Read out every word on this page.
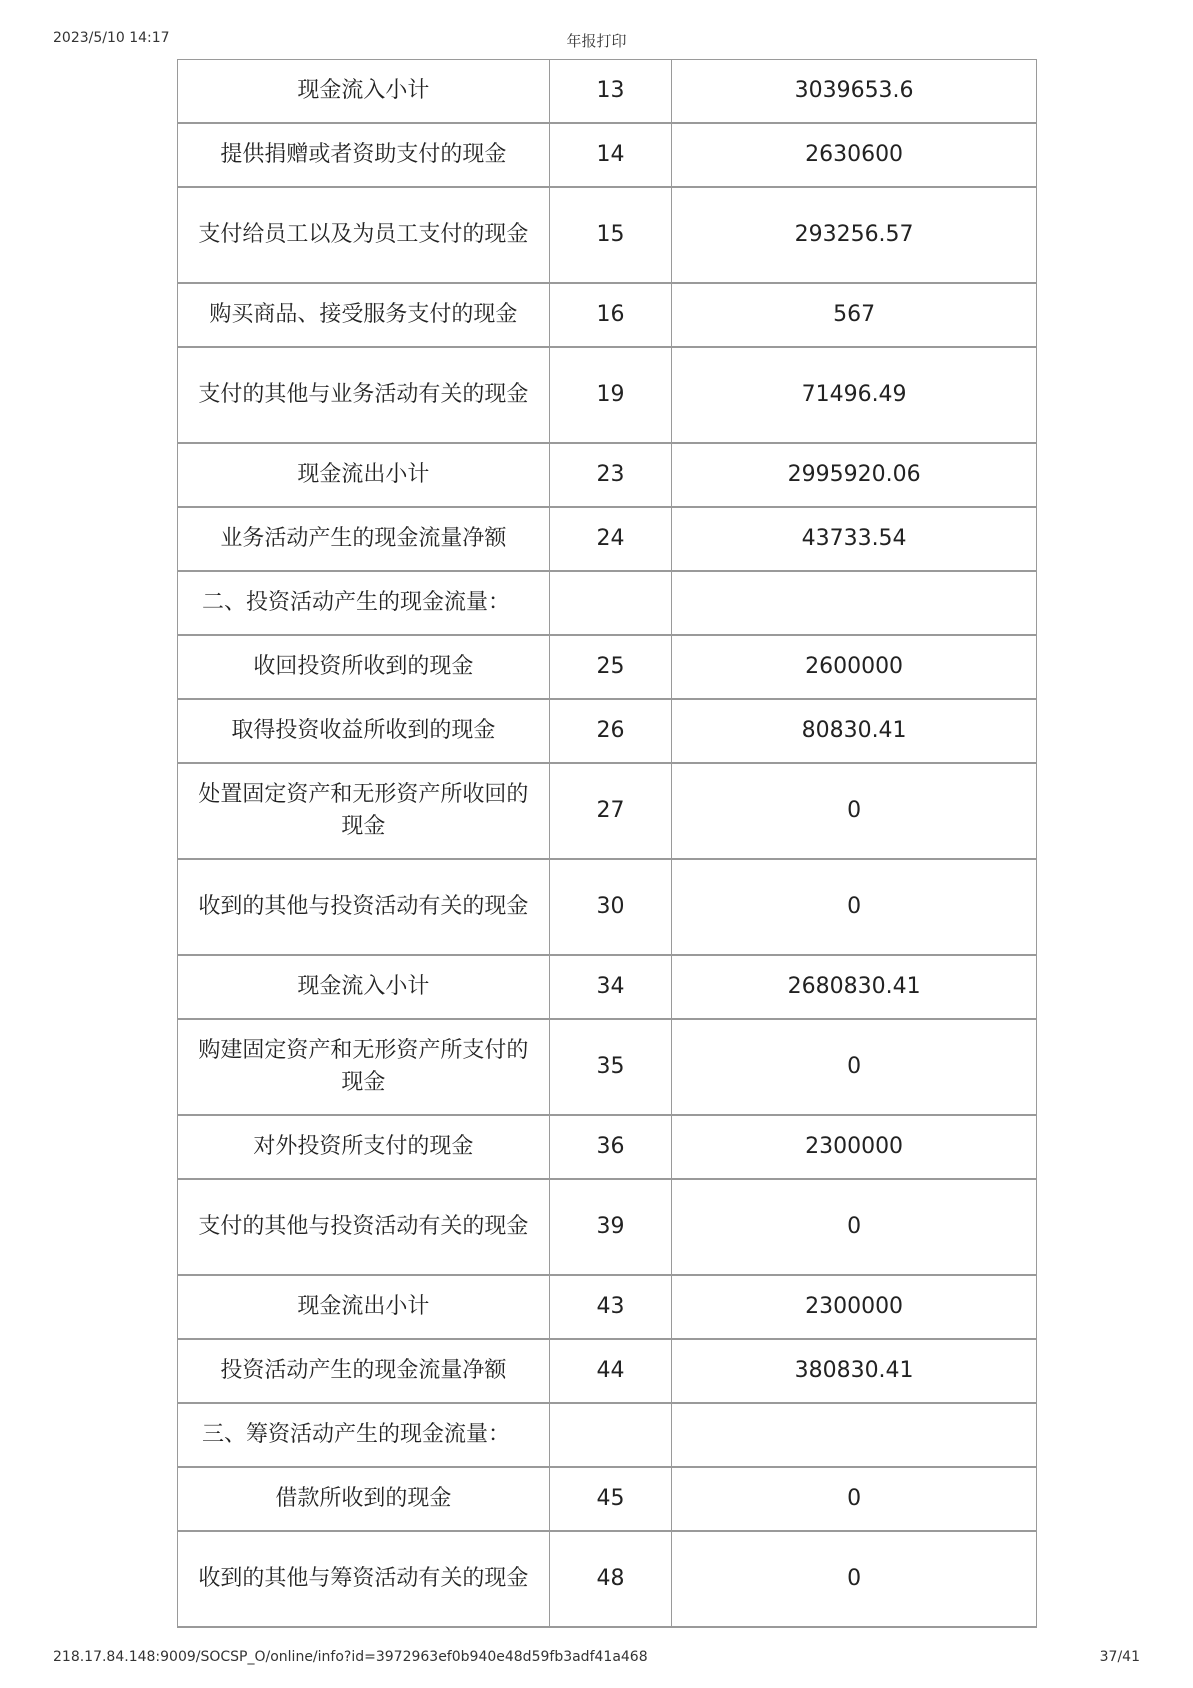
2023/5/10 14:17	年报打印
现金流入小计	13	3039653.6
提供捐赠或者资助支付的现金	14	2630600
支付给员工以及为员工支付的现金	15	293256.57
购买商品、接受服务支付的现金	16	567
支付的其他与业务活动有关的现金	19	71496.49
现金流出小计	23	2995920.06
业务活动产生的现金流量净额	24	43733.54
二、投资活动产生的现金流量：		
收回投资所收到的现金	25	2600000
取得投资收益所收到的现金	26	80830.41
处置固定资产和无形资产所收回的现金	27	0
收到的其他与投资活动有关的现金	30	0
现金流入小计	34	2680830.41
购建固定资产和无形资产所支付的现金	35	0
对外投资所支付的现金	36	2300000
支付的其他与投资活动有关的现金	39	0
现金流出小计	43	2300000
投资活动产生的现金流量净额	44	380830.41
三、筹资活动产生的现金流量：		
借款所收到的现金	45	0
收到的其他与筹资活动有关的现金	48	0
218.17.84.148:9009/SOCSP_O/online/info?id=3972963ef0b940e48d59fb3adf41a468	37/41
